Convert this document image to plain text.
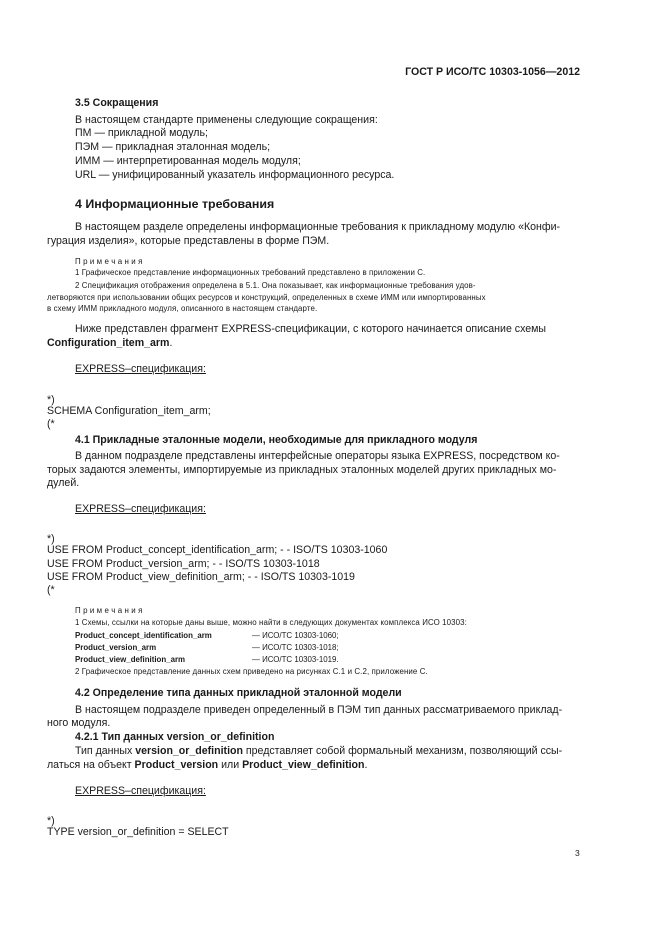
ГОСТ Р ИСО/ТС 10303-1056—2012
3.5 Сокращения
В настоящем стандарте применены следующие сокращения:
ПМ — прикладной модуль;
ПЭМ — прикладная эталонная модель;
ИММ — интерпретированная модель модуля;
URL — унифицированный указатель информационного ресурса.
4 Информационные требования
В настоящем разделе определены информационные требования к прикладному модулю «Конфи-
гурация изделия», которые представлены в форме ПЭМ.
П р и м е ч а н и я
1 Графическое представление информационных требований представлено в приложении С.
2 Спецификация отображения определена в 5.1. Она показывает, как информационные требования удов-
летворяются при использовании общих ресурсов и конструкций, определенных в схеме ИММ или импортированных
в схему ИММ прикладного модуля, описанного в настоящем стандарте.
Ниже представлен фрагмент EXPRESS-спецификации, с которого начинается описание схемы
Configuration_item_arm.
EXPRESS–спецификация:
*)
SCHEMA Configuration_item_arm;
(*
4.1 Прикладные эталонные модели, необходимые для прикладного модуля
В данном подразделе представлены интерфейсные операторы языка EXPRESS, посредством ко-
торых задаются элементы, импортируемые из прикладных эталонных моделей других прикладных мо-
дулей.
EXPRESS–спецификация:
*)
USE FROM Product_concept_identification_arm; - - ISO/TS 10303-1060
USE FROM Product_version_arm; - - ISO/TS 10303-1018
USE FROM Product_view_definition_arm; - - ISO/TS 10303-1019
(*
П р и м е ч а н и я
1 Схемы, ссылки на которые даны выше, можно найти в следующих документах комплекса ИСО 10303:
Product_concept_identification_arm	— ИСО/ТС 10303-1060;
Product_version_arm	— ИСО/ТС 10303-1018;
Product_view_definition_arm	— ИСО/ТС 10303-1019.
2 Графическое представление данных схем приведено на рисунках С.1 и С.2, приложение С.
4.2 Определение типа данных прикладной эталонной модели
В настоящем подразделе приведен определенный в ПЭМ тип данных рассматриваемого приклад-
ного модуля.
4.2.1 Тип данных version_or_definition
Тип данных version_or_definition представляет собой формальный механизм, позволяющий ссы-
латься на объект Product_version или Product_view_definition.
EXPRESS–спецификация:
*)
TYPE version_or_definition = SELECT
3
